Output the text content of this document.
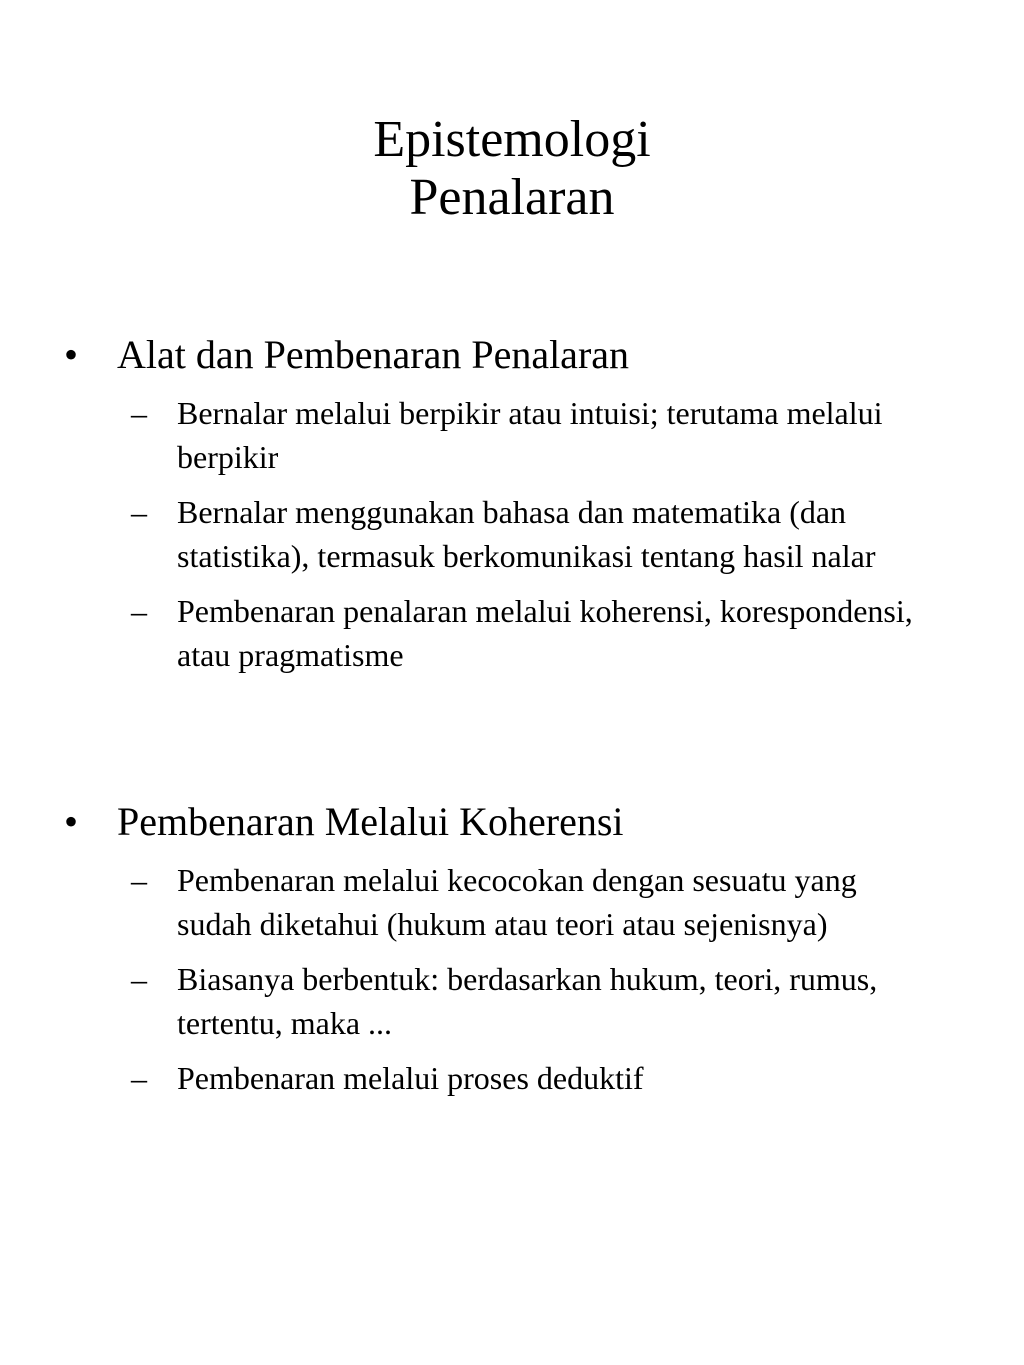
Epistemologi
Penalaran
• Alat dan Pembenaran Penalaran
– Bernalar melalui berpikir atau intuisi; terutama melalui berpikir
– Bernalar menggunakan bahasa dan matematika (dan statistika), termasuk berkomunikasi tentang hasil nalar
– Pembenaran penalaran melalui koherensi, korespondensi, atau pragmatisme
• Pembenaran Melalui Koherensi
– Pembenaran melalui kecocokan dengan sesuatu yang sudah diketahui (hukum atau teori atau sejenisnya)
– Biasanya berbentuk: berdasarkan hukum, teori, rumus, tertentu, maka ...
– Pembenaran melalui proses deduktif
